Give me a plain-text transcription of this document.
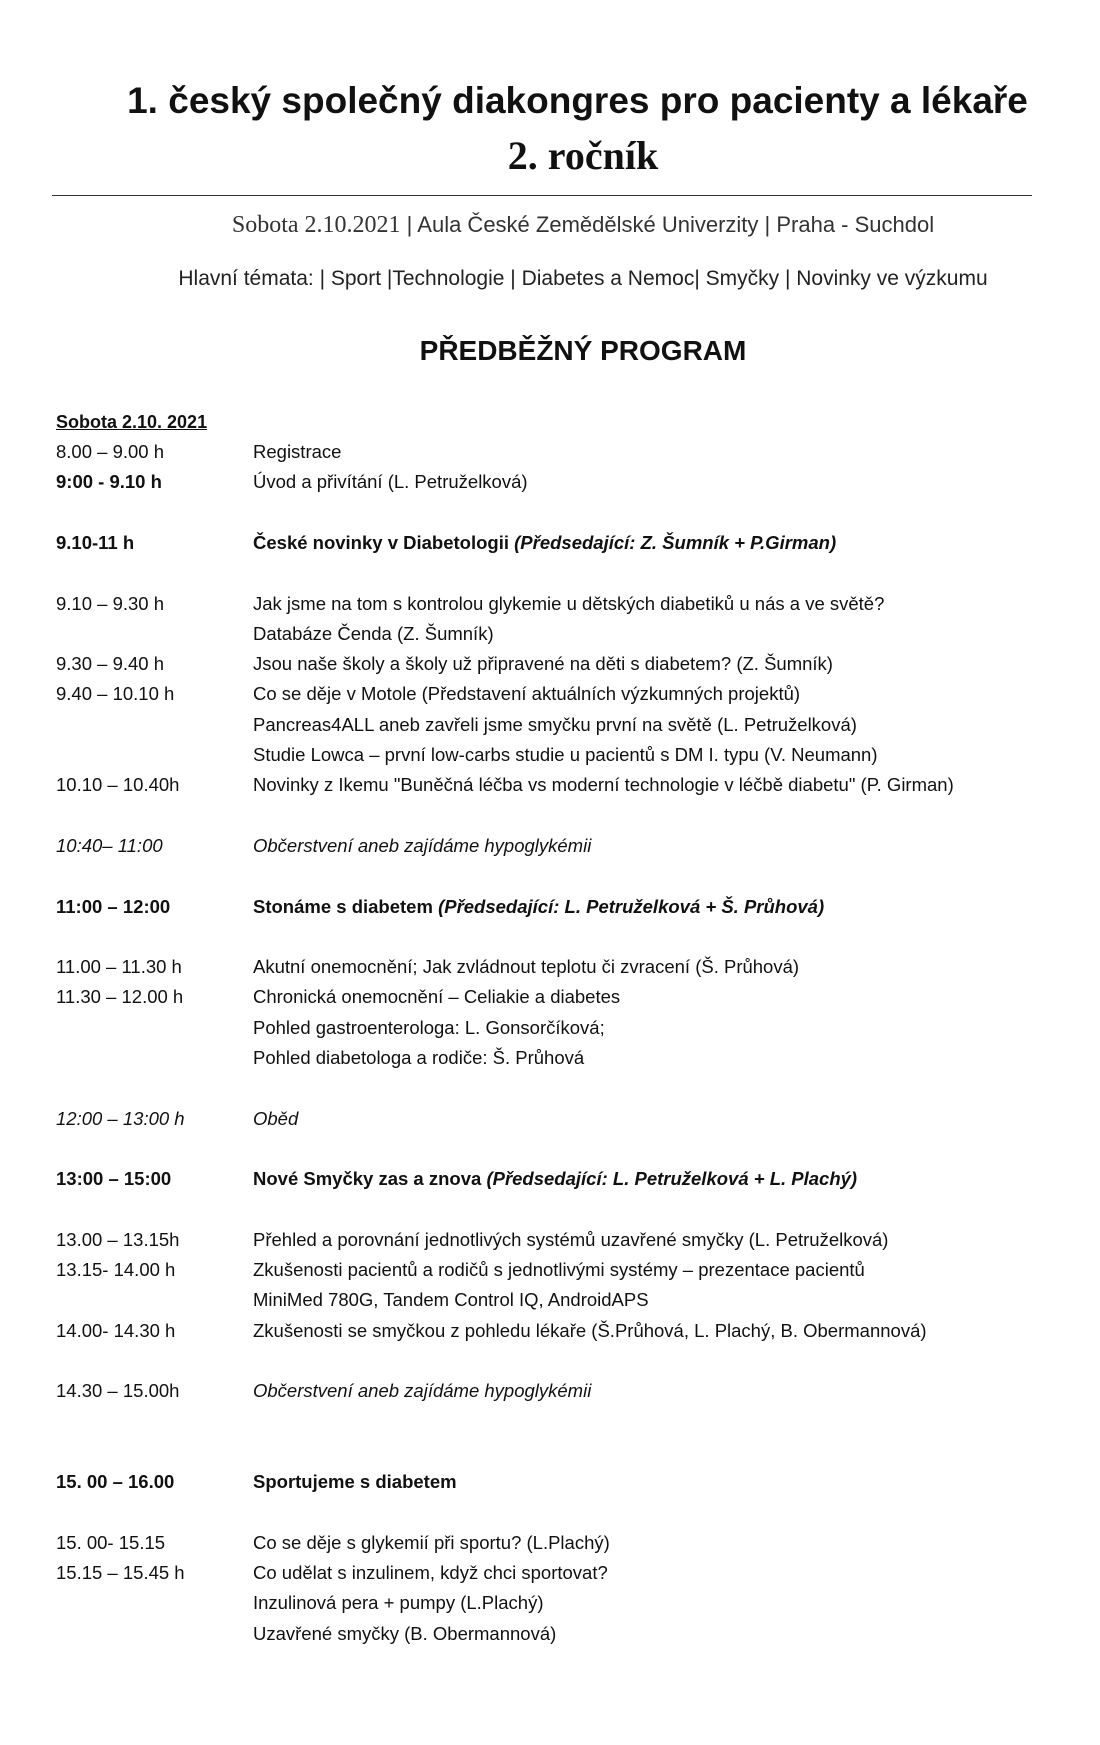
1. český společný diakongres pro pacienty a lékaře
2. ročník
Sobota 2.10.2021 | Aula České Zemědělské Univerzity | Praha - Suchdol
Hlavní témata: | Sport |Technologie | Diabetes a Nemoc| Smyčky | Novinky ve výzkumu
PŘEDBĚŽNÝ PROGRAM
Sobota 2.10. 2021
8.00 – 9.00 h	Registrace
9:00 - 9.10 h	Úvod a přivítání (L. Petruželková)
9.10-11 h	České novinky v Diabetologii (Předsedající: Z. Šumník + P.Girman)
9.10 – 9.30 h	Jak jsme na tom s kontrolou glykemie u dětských diabetiků u nás a ve světě?
Databáze Čenda (Z. Šumník)
9.30 – 9.40 h	Jsou naše školy a školy už připravené na děti s diabetem? (Z. Šumník)
9.40 – 10.10 h	Co se děje v Motole (Představení aktuálních výzkumných projektů)
Pancreas4ALL aneb zavřeli jsme smyčku první na světě (L. Petruželková)
Studie Lowca – první low-carbs studie u pacientů s DM I. typu (V. Neumann)
10.10 – 10.40h	Novinky z Ikemu "Buněčná léčba vs moderní technologie v léčbě diabetu" (P. Girman)
10:40– 11:00	Občerstvení aneb zajídáme hypoglykémii
11:00 – 12:00	Stonáme s diabetem (Předsedající: L. Petruželková + Š. Průhová)
11.00 – 11.30 h	Akutní onemocnění; Jak zvládnout teplotu či zvracení (Š. Průhová)
11.30 – 12.00 h	Chronická onemocnění – Celiakie a diabetes
Pohled gastroenterologa: L. Gonsorčíková;
Pohled diabetologa a rodiče: Š. Průhová
12:00 – 13:00 h	Oběd
13:00 – 15:00	Nové Smyčky zas a znova (Předsedající: L. Petruželková + L. Plachý)
13.00 – 13.15h	Přehled a porovnání jednotlivých systémů uzavřené smyčky (L. Petruželková)
13.15- 14.00 h	Zkušenosti pacientů a rodičů s jednotlivými systémy – prezentace pacientů
MiniMed 780G, Tandem Control IQ, AndroidAPS
14.00- 14.30 h	Zkušenosti se smyčkou z pohledu lékaře (Š.Průhová, L. Plachý, B. Obermannová)
14.30 – 15.00h	Občerstvení aneb zajídáme hypoglykémii
15. 00 – 16.00	Sportujeme s diabetem
15. 00- 15.15	Co se děje s glykemií při sportu? (L.Plachý)
15.15 – 15.45 h	Co udělat s inzulinem, když chci sportovat?
Inzulinová pera + pumpy (L.Plachý)
Uzavřené smyčky (B. Obermannová)
